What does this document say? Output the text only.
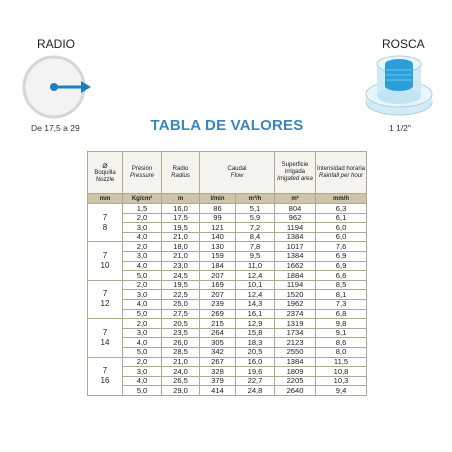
RADIO
De 17,5 a 29
ROSCA
1 1/2"
TABLA DE VALORES
⌀
Boquilla
Nozzle	Presión
Pressure	Radio
Radius	Caudal
Flow		Superficie irrigada
Irrigated area	Intensidad horaria
Rainfall per hour

mm	Kg/cm²	m	l/min	m³/h	m²	mm/h

7
8	1,5	16,0	86	5,1	804	6,3
	2,0	17,5	99	5,9	962	6,1
	3,0	19,5	121	7,2	1194	6,0
	4,0	21,0	140	8,4	1384	6,0

7
10	2,0	18,0	130	7,8	1017	7,6
	3,0	21,0	159	9,5	1384	6,9
	4,0	23,0	184	11,0	1662	6,9
	5,0	24,5	207	12,4	1884	6,6

7
12	2,0	19,5	169	10,1	1194	8,5
	3,0	22,5	207	12,4	1520	8,1
	4,0	25,0	239	14,3	1962	7,3
	5,0	27,5	269	16,1	2374	6,8

7
14	2,0	20,5	215	12,9	1319	9,8
	3,0	23,5	264	15,8	1734	9,1
	4,0	26,0	305	18,3	2123	8,6
	5,0	28,5	342	20,5	2550	8,0

7
16	2,0	21,0	267	16,0	1384	11,5
	3,0	24,0	328	19,6	1809	10,8
	4,0	26,5	379	22,7	2205	10,3
	5,0	29,0	414	24,8	2640	9,4
